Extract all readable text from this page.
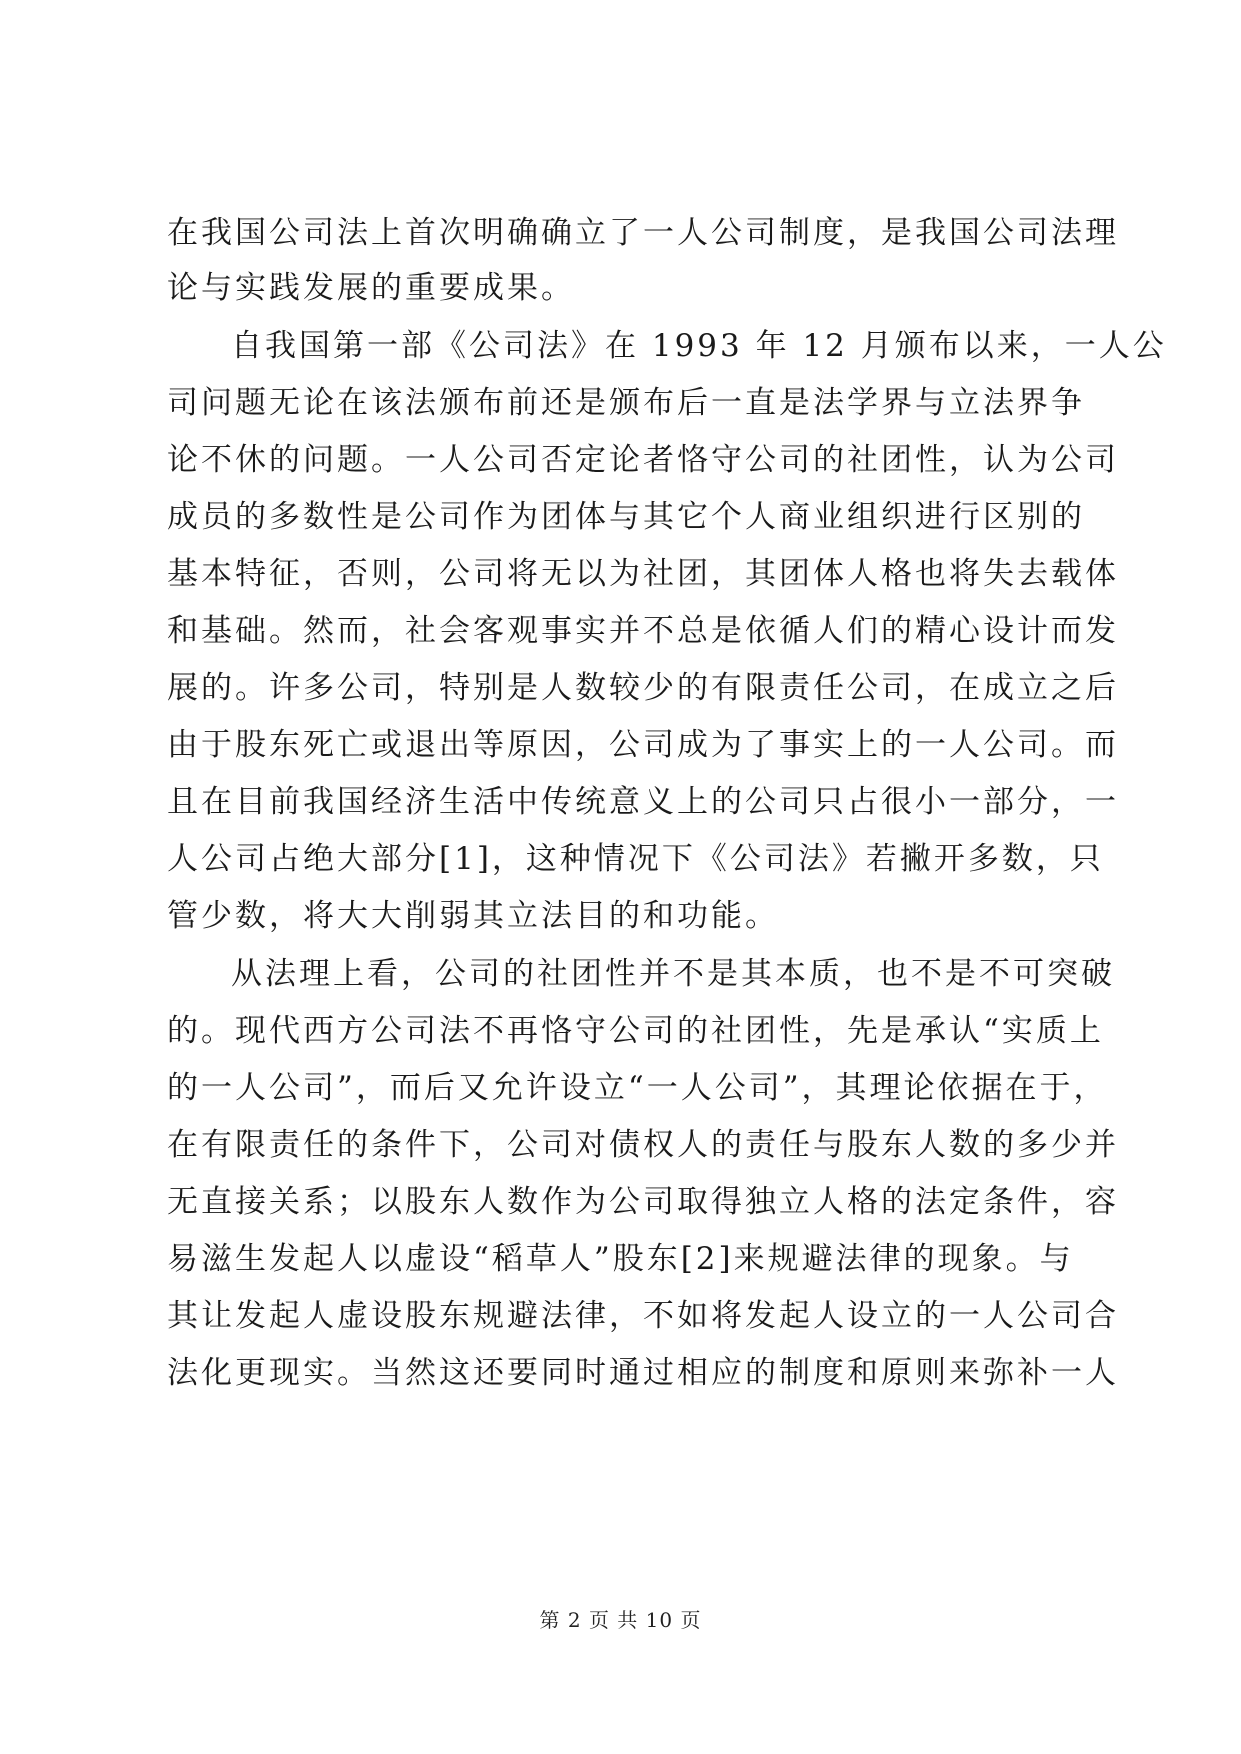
在我国公司法上首次明确确立了一人公司制度，是我国公司法理
论与实践发展的重要成果。
自我国第一部《公司法》在 1993 年 12 月颁布以来，一人公
司问题无论在该法颁布前还是颁布后一直是法学界与立法界争
论不休的问题。一人公司否定论者恪守公司的社团性，认为公司
成员的多数性是公司作为团体与其它个人商业组织进行区别的
基本特征，否则，公司将无以为社团，其团体人格也将失去载体
和基础。然而，社会客观事实并不总是依循人们的精心设计而发
展的。许多公司，特别是人数较少的有限责任公司，在成立之后
由于股东死亡或退出等原因，公司成为了事实上的一人公司。而
且在目前我国经济生活中传统意义上的公司只占很小一部分，一
人公司占绝大部分[1]，这种情况下《公司法》若撇开多数，只
管少数，将大大削弱其立法目的和功能。
从法理上看，公司的社团性并不是其本质，也不是不可突破
的。现代西方公司法不再恪守公司的社团性，先是承认“实质上
的一人公司”，而后又允许设立“一人公司”，其理论依据在于，
在有限责任的条件下，公司对债权人的责任与股东人数的多少并
无直接关系；以股东人数作为公司取得独立人格的法定条件，容
易滋生发起人以虚设“稻草人”股东[2]来规避法律的现象。与
其让发起人虚设股东规避法律，不如将发起人设立的一人公司合
法化更现实。当然这还要同时通过相应的制度和原则来弥补一人
第 2 页 共 10 页
